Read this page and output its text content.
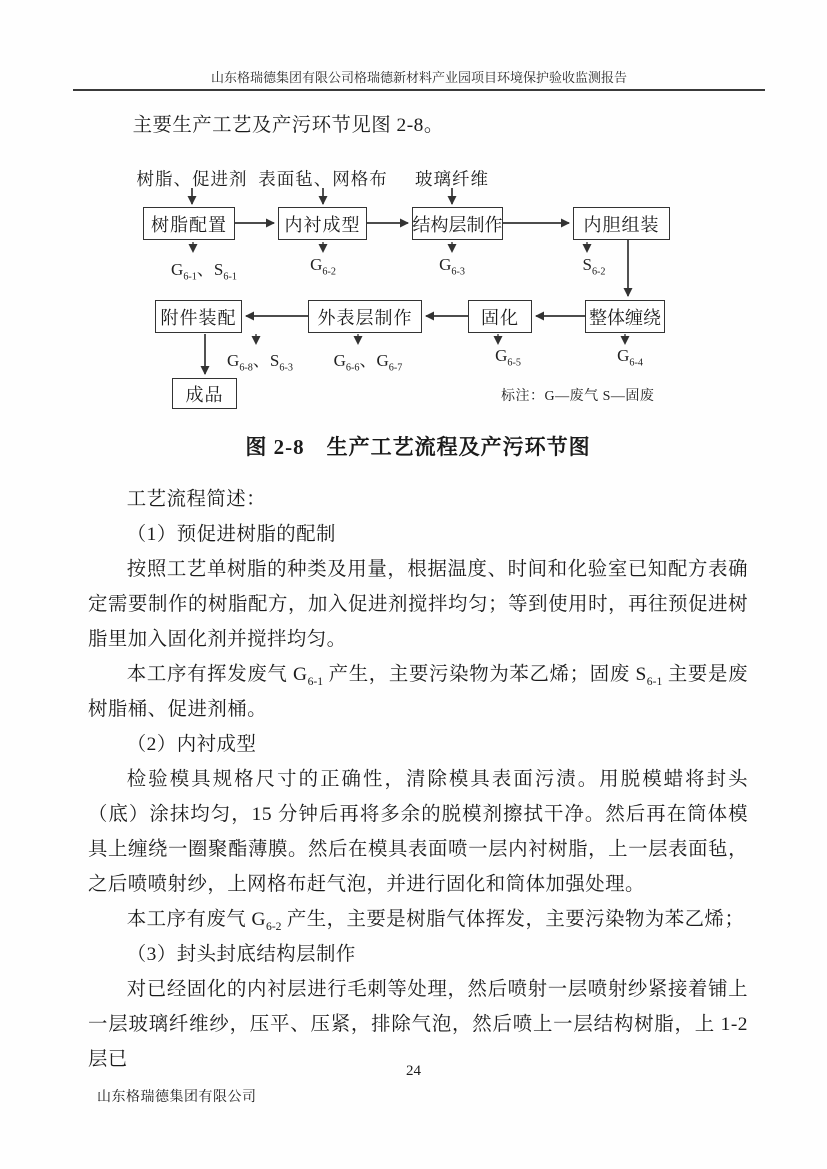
山东格瑞德集团有限公司格瑞德新材料产业园项目环境保护验收监测报告

主要生产工艺及产污环节见图 2-8。

树脂、促进剂 表面毡、网格布	玻璃纤维
树脂配置	内衬成型	结构层制作	内胆组装
整体缠绕
固化
外表层制作
附件装配
成品
$G_{6-1}$、$S_{6-1}$
$G_{6-2}$	$G_{6-3}$	$S_{6-2}$
$G_{6-4}$
$G_{6-5}$
$G_{6-6}$、$G_{6-7}$
$G_{6-8}$、$S_{6-3}$
标注：G—废气 S—固废
图 2-8　生产工艺流程及产污环节图

工艺流程简述：

（1）预促进树脂的配制

按照工艺单树脂的种类及用量，根据温度、时间和化验室已知配方表确定需要制作的树脂配方，加入促进剂搅拌均匀；等到使用时，再往预促进树脂里加入固化剂并搅拌均匀。

本工序有挥发废气 $G_{6-1}$ 产生，主要污染物为苯乙烯；固废 $S_{6-1}$ 主要是废树脂桶、促进剂桶。

（2）内衬成型

检验模具规格尺寸的正确性，清除模具表面污渍。用脱模蜡将封头（底）涂抹均匀，15 分钟后再将多余的脱模剂擦拭干净。然后再在筒体模具上缠绕一圈聚酯薄膜。然后在模具表面喷一层内衬树脂，上一层表面毡，之后喷喷射纱，上网格布赶气泡，并进行固化和筒体加强处理。

本工序有废气 $G_{6-2}$ 产生，主要是树脂气体挥发，主要污染物为苯乙烯；

（3）封头封底结构层制作

对已经固化的内衬层进行毛刺等处理，然后喷射一层喷射纱紧接着铺上一层玻璃纤维纱，压平、压紧，排除气泡，然后喷上一层结构树脂，上 1-2 层已

24
山东格瑞德集团有限公司
